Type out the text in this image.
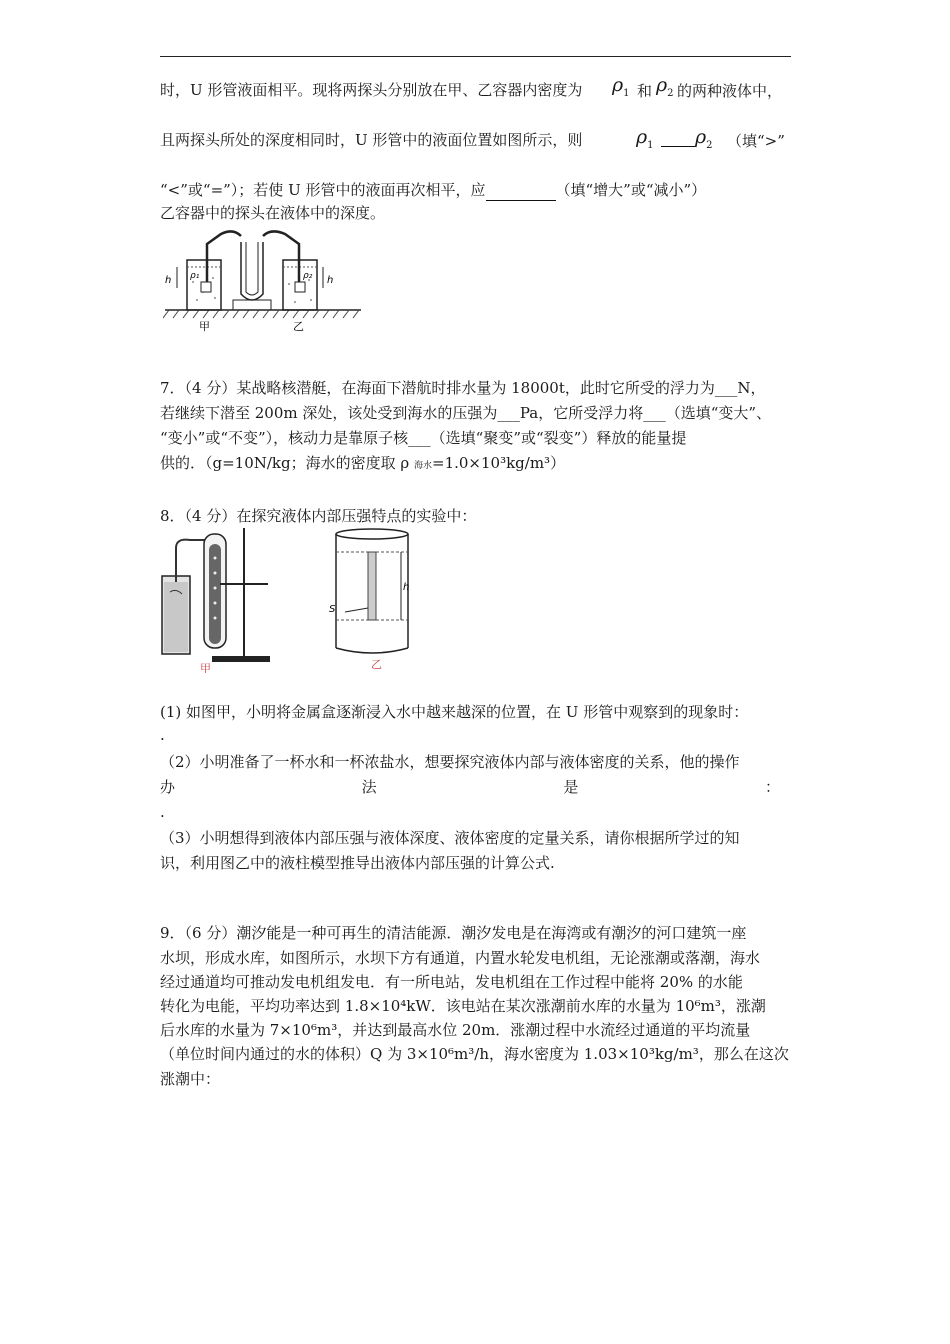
时，U 形管液面相平。现将两探头分别放在甲、乙容器内密度为	$\rho_1$ 和 $\rho_2$ 的两种液体中，
且两探头所处的深度相同时，U 形管中的液面位置如图所示，则	$\rho_1$ $\rho_2$ （填“>”
“<”或“=”）；若使 U 形管中的液面再次相平，应	（填“增大”或“减小”）
乙容器中的探头在液体中的深度。
h	h
ρ₁	ρ₂
甲	乙
7．（4 分）某战略核潜艇，在海面下潜航时排水量为 18000t，此时它所受的浮力为___N，
若继续下潜至 200m 深处，该处受到海水的压强为___Pa，它所受浮力将___（选填“变大”、
“变小”或“不变”），核动力是靠原子核___（选填“聚变”或“裂变”）释放的能量提
供的．（g=10N/kg；海水的密度取 ρ 海水=1.0×10³kg/m³）
8．（4 分）在探究液体内部压强特点的实验中：
甲
S
h
乙
(1) 如图甲，小明将金属盒逐渐浸入水中越来越深的位置，在 U 形管中观察到的现象时：
.
（2）小明准备了一杯水和一杯浓盐水，想要探究液体内部与液体密度的关系，他的操作
办	法	是	：
.
（3）小明想得到液体内部压强与液体深度、液体密度的定量关系，请你根据所学过的知
识，利用图乙中的液柱模型推导出液体内部压强的计算公式.
9．（6 分）潮汐能是一种可再生的清洁能源．潮汐发电是在海湾或有潮汐的河口建筑一座
水坝，形成水库，如图所示，水坝下方有通道，内置水轮发电机组，无论涨潮或落潮，海水
经过通道均可推动发电机组发电．有一所电站，发电机组在工作过程中能将 20% 的水能
转化为电能，平均功率达到 1.8×10⁴kW．该电站在某次涨潮前水库的水量为 10⁶m³，涨潮
后水库的水量为 7×10⁶m³，并达到最高水位 20m．涨潮过程中水流经过通道的平均流量
（单位时间内通过的水的体积）Q 为 3×10⁶m³/h，海水密度为 1.03×10³kg/m³，那么在这次
涨潮中：
